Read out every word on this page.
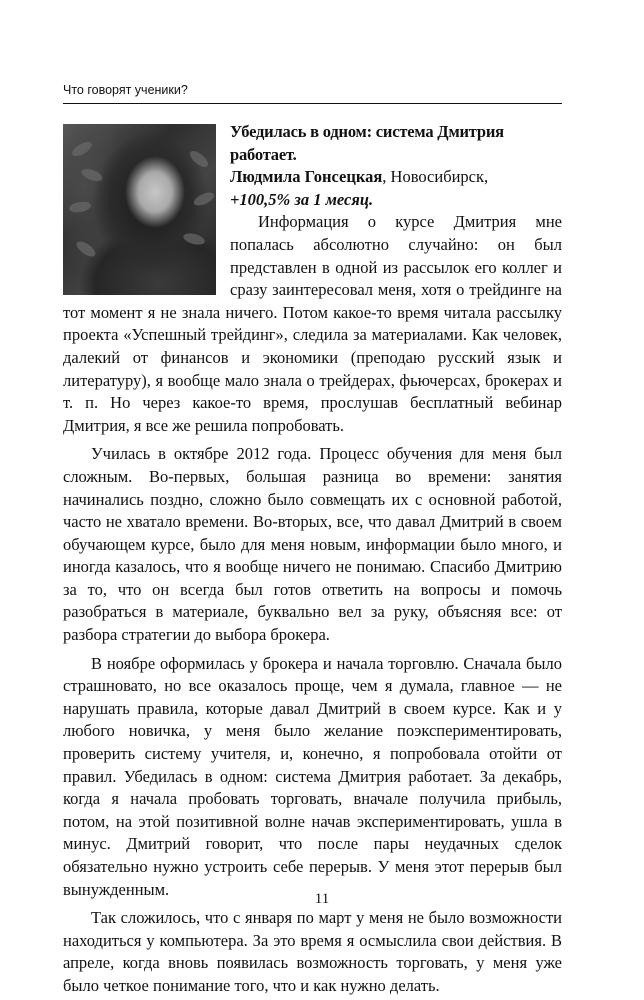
Что говорят ученики?

Убедилась в одном: система Дмитрия работает.

Людмила Гонсецкая, Новосибирск,

+100,5% за 1 месяц.

Информация о курсе Дмитрия мне попалась абсолютно случайно: он был представлен в одной из рассылок его коллег и сразу заинтересовал меня, хотя о трейдинге на тот момент я не знала ничего. Потом какое-то время читала рассылку проекта «Успешный трейдинг», следила за материалами. Как человек, далекий от финансов и экономики (преподаю русский язык и литературу), я вообще мало знала о трейдерах, фьючерсах, брокерах и т. п. Но через какое-то время, прослушав бесплатный вебинар Дмитрия, я все же решила попробовать.

Училась в октябре 2012 года. Процесс обучения для меня был сложным. Во-первых, большая разница во времени: занятия начинались поздно, сложно было совмещать их с основной работой, часто не хватало времени. Во-вторых, все, что давал Дмитрий в своем обучающем курсе, было для меня новым, информации было много, и иногда казалось, что я вообще ничего не понимаю. Спасибо Дмитрию за то, что он всегда был готов ответить на вопросы и помочь разобраться в материале, буквально вел за руку, объясняя все: от разбора стратегии до выбора брокера.

В ноябре оформилась у брокера и начала торговлю. Сначала было страшновато, но все оказалось проще, чем я думала, главное — не нарушать правила, которые давал Дмитрий в своем курсе. Как и у любого новичка, у меня было желание поэкспериментировать, проверить систему учителя, и, конечно, я попробовала отойти от правил. Убедилась в одном: система Дмитрия работает. За декабрь, когда я начала пробовать торговать, вначале получила прибыль, потом, на этой позитивной волне начав экспериментировать, ушла в минус. Дмитрий говорит, что после пары неудачных сделок обязательно нужно устроить себе перерыв. У меня этот перерыв был вынужденным.

Так сложилось, что с января по март у меня не было возможности находиться у компьютера. За это время я осмыслила свои действия. В апреле, когда вновь появилась возможность торговать, у меня уже было четкое понимание того, что и как нужно делать.

11
